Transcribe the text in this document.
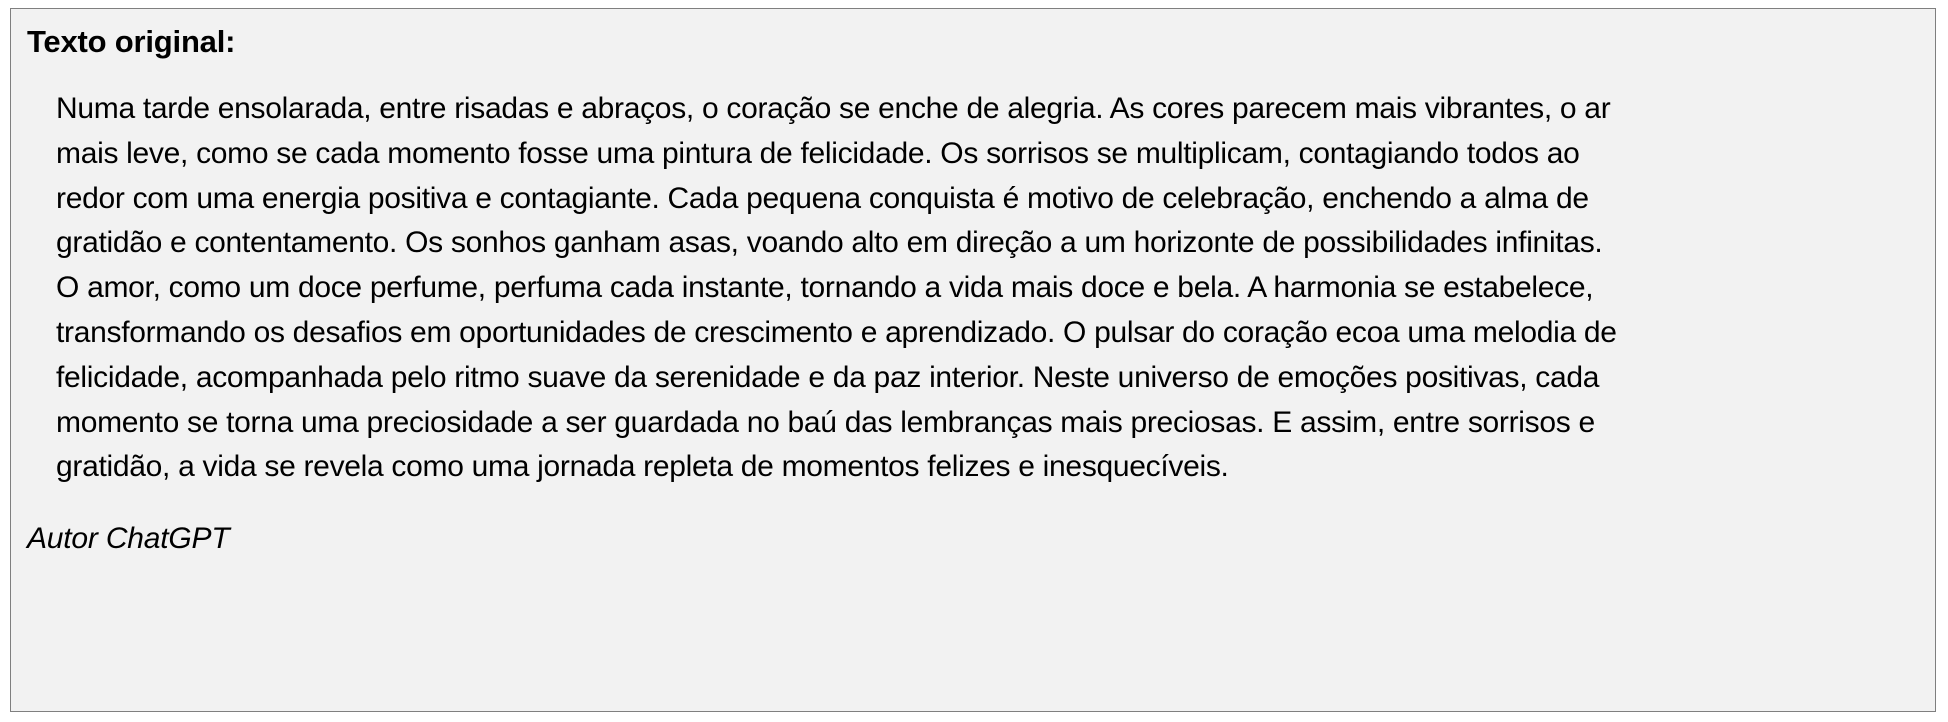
Texto original:

Numa tarde ensolarada, entre risadas e abraços, o coração se enche de alegria. As cores parecem mais vibrantes, o ar
mais leve, como se cada momento fosse uma pintura de felicidade. Os sorrisos se multiplicam, contagiando todos ao
redor com uma energia positiva e contagiante. Cada pequena conquista é motivo de celebração, enchendo a alma de
gratidão e contentamento. Os sonhos ganham asas, voando alto em direção a um horizonte de possibilidades infinitas.
O amor, como um doce perfume, perfuma cada instante, tornando a vida mais doce e bela. A harmonia se estabelece,
transformando os desafios em oportunidades de crescimento e aprendizado. O pulsar do coração ecoa uma melodia de
felicidade, acompanhada pelo ritmo suave da serenidade e da paz interior. Neste universo de emoções positivas, cada
momento se torna uma preciosidade a ser guardada no baú das lembranças mais preciosas. E assim, entre sorrisos e
gratidão, a vida se revela como uma jornada repleta de momentos felizes e inesquecíveis.

Autor ChatGPT
